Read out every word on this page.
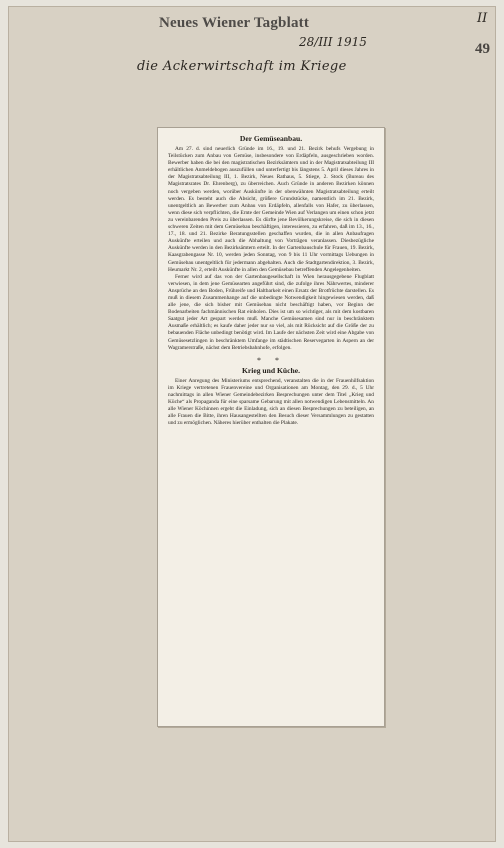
Neues Wiener Tagblatt	II
28/III 1915	49
die Ackerwirtschaft im Kriege
Der Gemüseanbau.

Am 27. d. sind neuerlich Gründe im 16., 19. und 21. Bezirk behufs Vergebung in Teilstücken zum Anbau von Gemüse, insbesondere von Erdäpfeln, ausgeschrieben worden. Bewerber haben die bei den magistratischen Bezirksämtern und in der Magistratsabteilung III erhältlichen Anmeldebogen auszufüllen und unterfertigt bis längstens 5. April dieses Jahres in der Magistratsabteilung III, 1. Bezirk, Neues Rathaus, 5. Stiege, 2. Stock (Bureau des Magistratsrates Dr. Ehrenberg), zu überreichen. Auch Gründe in anderen Bezirken können noch vergeben werden, worüber Auskünfte in der obenwähnten Magistratsabteilung erteilt werden. Es besteht auch die Absicht, größere Grundstücke, namentlich im 21. Bezirk, unentgeltlich an Bewerber zum Anbau von Erdäpfeln, allenfalls von Hafer, zu überlassen, wenn diese sich verpflichten, die Ernte der Gemeinde Wien auf Verlangen um einen schon jetzt zu vereinbarenden Preis zu überlassen. Es dürfte jene Bevölkerungskreise, die sich in diesen schweren Zeiten mit dem Gemüsebau beschäftigen, interessieren, zu erfahren, daß im 13., 16., 17., 18. und 21. Bezirke Beratungsstellen geschaffen wurden, die in allen Anbaufragen Auskünfte erteilen und auch die Abhaltung von Vorträgen veranlassen. Diesbezügliche Auskünfte werden in den Bezirksämtern erteilt. In der Gartenbauschule für Frauen, 19. Bezirk, Kaasgrabengasse Nr. 10, werden jeden Sonntag, von 9 bis 11 Uhr vormittags Uebungen in Gemüsebau unentgeltlich für jedermann abgehalten. Auch die Stadtgartendirektion, 3. Bezirk, Heumarkt Nr. 2, erteilt Auskünfte in allen den Gemüsebau betreffenden Angelegenheiten.

Ferner wird auf das von der Gartenbaugesellschaft in Wien herausgegebene Flugblatt verwiesen, in dem jene Gemüsearten angeführt sind, die zufolge ihres Nährwertes, minderer Ansprüche an den Boden, Frühreife und Haltbarkeit einen Ersatz der Brotfrüchte darstellen. Es muß in diesem Zusammenhange auf die unbedingte Notwendigkeit hingewiesen werden, daß alle jene, die sich bisher mit Gemüsebau nicht beschäftigt haben, vor Beginn der Bodenarbeiten fachmännischen Rat einholen. Dies ist um so wichtiger, als mit dem kostbaren Saatgut jeder Art gespart werden muß. Manche Gemüsesamen sind nur in beschränktem Ausmaße erhältlich; es kaufe daher jeder nur so viel, als mit Rücksicht auf die Größe der zu bebauenden Fläche unbedingt benötigt wird. Im Laufe der nächsten Zeit wird eine Abgabe von Gemüsesetzlingen in beschränktem Umfange im städtischen Reservegarten in Aspern an der Wagramerstraße, nächst dem Betriebsbahnhofe, erfolgen.

* *
Krieg und Küche.

Einer Anregung des Ministeriums entsprechend, veranstalten die in der Frauenhilfsaktion im Kriege vertretenen Frauenvereine und Organisationen am Montag, den 29. d., 5 Uhr nachmittags in allen Wiener Gemeindebezirken Besprechungen unter dem Titel „Krieg und Küche“ als Propaganda für eine sparsame Gebarung mit allen notwendigen Lebensmitteln. An alle Wiener Köchinnen ergeht die Einladung, sich an diesen Besprechungen zu beteiligen, an alle Frauen die Bitte, ihren Hausangestellten den Besuch dieser Versammlungen zu gestatten und zu ermöglichen. Näheres hierüber enthalten die Plakate.
